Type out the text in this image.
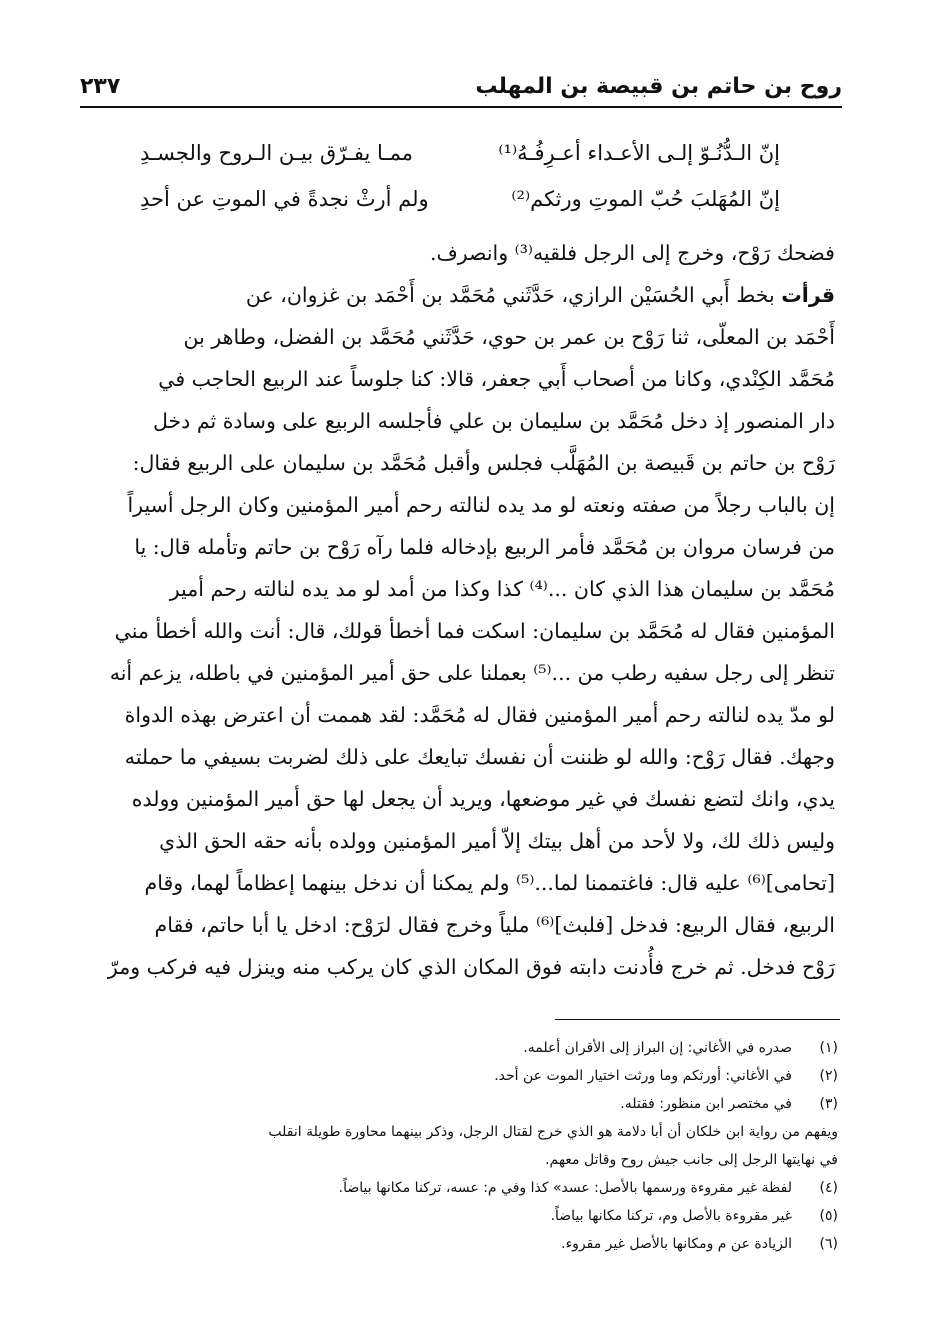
روح بن حاتم بن قبيصة بن المهلب
٢٣٧
إنّ الـدُّنُـوّ إلـى الأعـداء أعـرِفُـهُ⁽¹⁾
ممـا يفـرّق بيـن الـروح والجسـدِ
إنّ المُهَلبَ حُبّ الموتِ ورثكم⁽²⁾
ولم أرثْ نجدةً في الموتِ عن أحدِ
فضحك رَوْح، وخرج إلى الرجل فلقيه⁽³⁾ وانصرف.
قرأت بخط أَبي الحُسَيْن الرازي، حَدَّثَني مُحَمَّد بن أَحْمَد بن غزوان، عن
أَحْمَد بن المعلّى، ثنا رَوْح بن عمر بن حوي، حَدَّثَني مُحَمَّد بن الفضل، وطاهر بن
مُحَمَّد الكِنْدي، وكانا من أصحاب أَبي جعفر، قالا: كنا جلوساً عند الربيع الحاجب في
دار المنصور إذ دخل مُحَمَّد بن سليمان بن علي فأجلسه الربيع على وسادة ثم دخل
رَوْح بن حاتم بن قَبيصة بن المُهَلَّب فجلس وأقبل مُحَمَّد بن سليمان على الربيع فقال:
إن بالباب رجلاً من صفته ونعته لو مد يده لنالته رحم أمير المؤمنين وكان الرجل أسيراً
من فرسان مروان بن مُحَمَّد فأمر الربيع بإدخاله فلما رآه رَوْح بن حاتم وتأمله قال: يا
مُحَمَّد بن سليمان هذا الذي كان ...⁽⁴⁾ كذا وكذا من أمد لو مد يده لنالته رحم أمير
المؤمنين فقال له مُحَمَّد بن سليمان: اسكت فما أخطأ قولك، قال: أنت والله أخطأ مني
تنظر إلى رجل سفيه رطب من ...⁽⁵⁾ بعملنا على حق أمير المؤمنين في باطله، يزعم أنه
لو مدّ يده لنالته رحم أمير المؤمنين فقال له مُحَمَّد: لقد هممت أن اعترض بهذه الدواة
وجهك. فقال رَوْح: والله لو ظننت أن نفسك تبايعك على ذلك لضربت بسيفي ما حملته
يدي، وانك لتضع نفسك في غير موضعها، ويريد أن يجعل لها حق أمير المؤمنين وولده
وليس ذلك لك، ولا لأحد من أهل بيتك إلاّ أمير المؤمنين وولده بأنه حقه الحق الذي
[تحامى]⁽⁶⁾ عليه قال: فاغتممنا لما...⁽⁵⁾ ولم يمكنا أن ندخل بينهما إعظاماً لهما، وقام
الربيع، فقال الربيع: فدخل [فلبث]⁽⁶⁾ ملياً وخرج فقال لرَوْح: ادخل يا أبا حاتم، فقام
رَوْح فدخل. ثم خرج فأُدنت دابته فوق المكان الذي كان يركب منه وينزل فيه فركب ومرّ
(١)
صدره في الأغاني: إن البراز إلى الأقران أعلمه.
(٢)
في الأغاني: أورثكم وما ورثت اختيار الموت عن أحد.
(٣)
في مختصر ابن منظور: فقتله.
ويفهم من رواية ابن خلكان أن أبا دلامة هو الذي خرج لقتال الرجل، وذكر بينهما محاورة طويلة انقلب
في نهايتها الرجل إلى جانب جيش روح وقاتل معهم.
(٤)
لفظة غير مقروءة ورسمها بالأصل: عسد» كذا وفي م: عسه، تركنا مكانها بياضاً.
(٥)
غير مقروءة بالأصل وم، تركنا مكانها بياضاً.
(٦)
الزيادة عن م ومكانها بالأصل غير مقروء.
